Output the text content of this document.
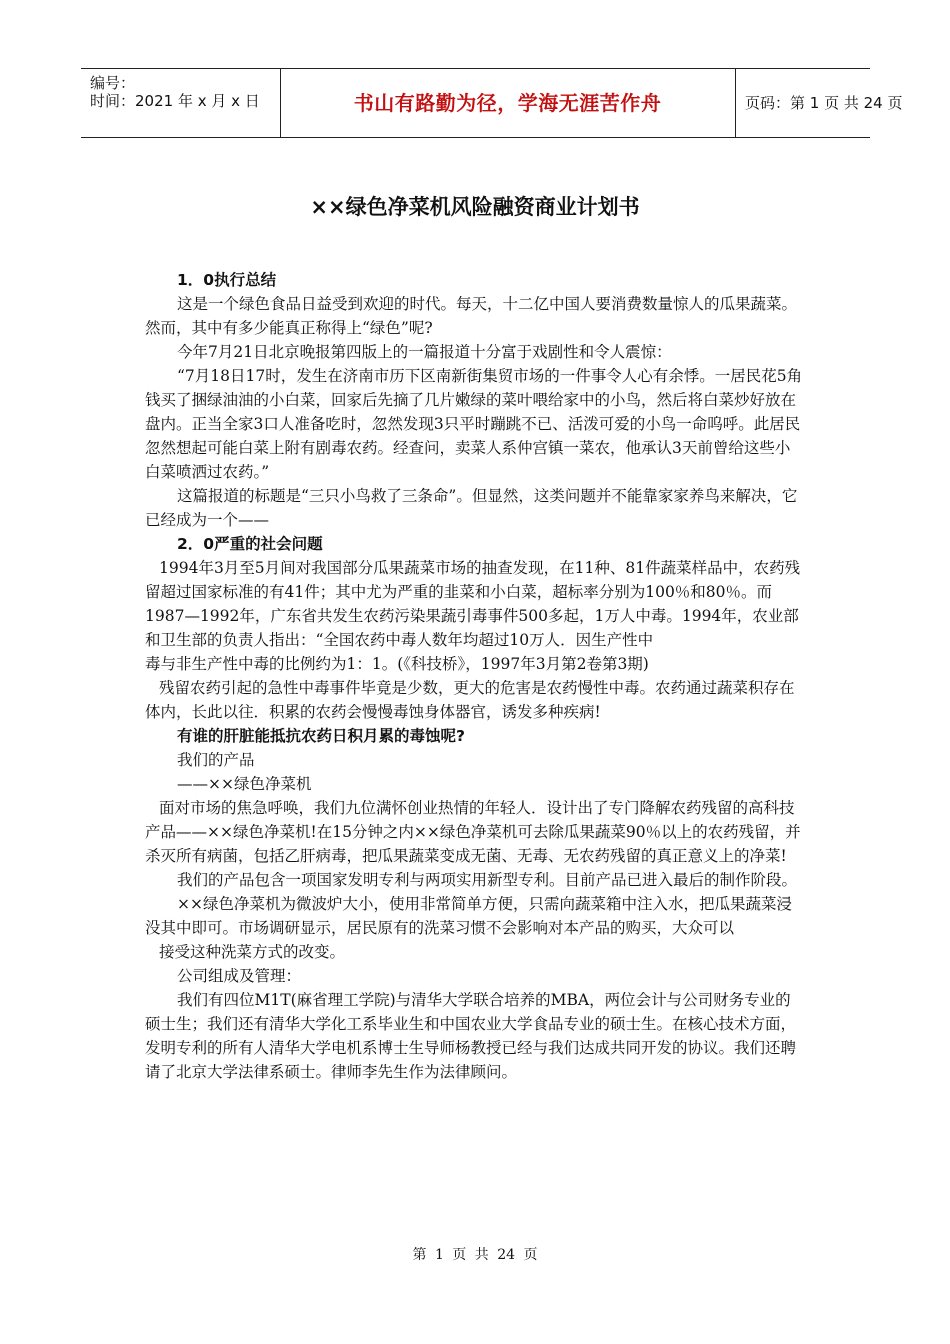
编号：
时间：2021 年 x 月 x 日	书山有路勤为径，学海无涯苦作舟	页码：第 1 页 共 24 页
××绿色净菜机风险融资商业计划书

1．0执行总结

这是一个绿色食品日益受到欢迎的时代。每天，十二亿中国人要消费数量惊人的瓜果蔬菜。然而，其中有多少能真正称得上“绿色”呢?

今年7月21日北京晚报第四版上的一篇报道十分富于戏剧性和令人震惊：

“7月18日17时，发生在济南市历下区南新街集贸市场的一件事令人心有余悸。一居民花5角钱买了捆绿油油的小白菜，回家后先摘了几片嫩绿的菜叶喂给家中的小鸟，然后将白菜炒好放在盘内。正当全家3口人准备吃时，忽然发现3只平时蹦跳不已、活泼可爱的小鸟一命呜呼。此居民忽然想起可能白菜上附有剧毒农药。经查问，卖菜人系仲宫镇一菜农，他承认3天前曾给这些小白菜喷洒过农药。”

这篇报道的标题是“三只小鸟救了三条命”。但显然，这类问题并不能靠家家养鸟来解决，它已经成为一个——

2．0严重的社会问题

1994年3月至5月间对我国部分瓜果蔬菜市场的抽查发现，在11种、81件蔬菜样品中，农药残留超过国家标准的有41件；其中尤为严重的韭菜和小白菜，超标率分别为100％和80％。而1987—1992年，广东省共发生农药污染果蔬引毒事件500多起，1万人中毒。1994年，农业部和卫生部的负责人指出：“全国农药中毒人数年均超过10万人．因生产性中

毒与非生产性中毒的比例约为1：1。(《科技桥》，1997年3月第2卷第3期)

残留农药引起的急性中毒事件毕竟是少数，更大的危害是农药慢性中毒。农药通过蔬菜积存在体内，长此以往．积累的农药会慢慢毒蚀身体器官，诱发多种疾病!

有谁的肝脏能抵抗农药日积月累的毒蚀呢?

我们的产品

——××绿色净菜机

面对市场的焦急呼唤，我们九位满怀创业热情的年轻人．设计出了专门降解农药残留的高科技产品——××绿色净菜机!在15分钟之内××绿色净菜机可去除瓜果蔬菜90％以上的农药残留，并杀灭所有病菌，包括乙肝病毒，把瓜果蔬菜变成无菌、无毒、无农药残留的真正意义上的净菜!

我们的产品包含一项国家发明专利与两项实用新型专利。目前产品已进入最后的制作阶段。

××绿色净菜机为微波炉大小，使用非常简单方便，只需向蔬菜箱中注入水，把瓜果蔬菜浸没其中即可。市场调研显示，居民原有的洗菜习惯不会影响对本产品的购买，大众可以

接受这种洗菜方式的改变。

公司组成及管理：

我们有四位M1T(麻省理工学院)与清华大学联合培养的MBA，两位会计与公司财务专业的硕士生；我们还有清华大学化工系毕业生和中国农业大学食品专业的硕士生。在核心技术方面，发明专利的所有人清华大学电机系博士生导师杨教授已经与我们达成共同开发的协议。我们还聘请了北京大学法律系硕士。律师李先生作为法律顾问。

第 1 页 共 24 页
